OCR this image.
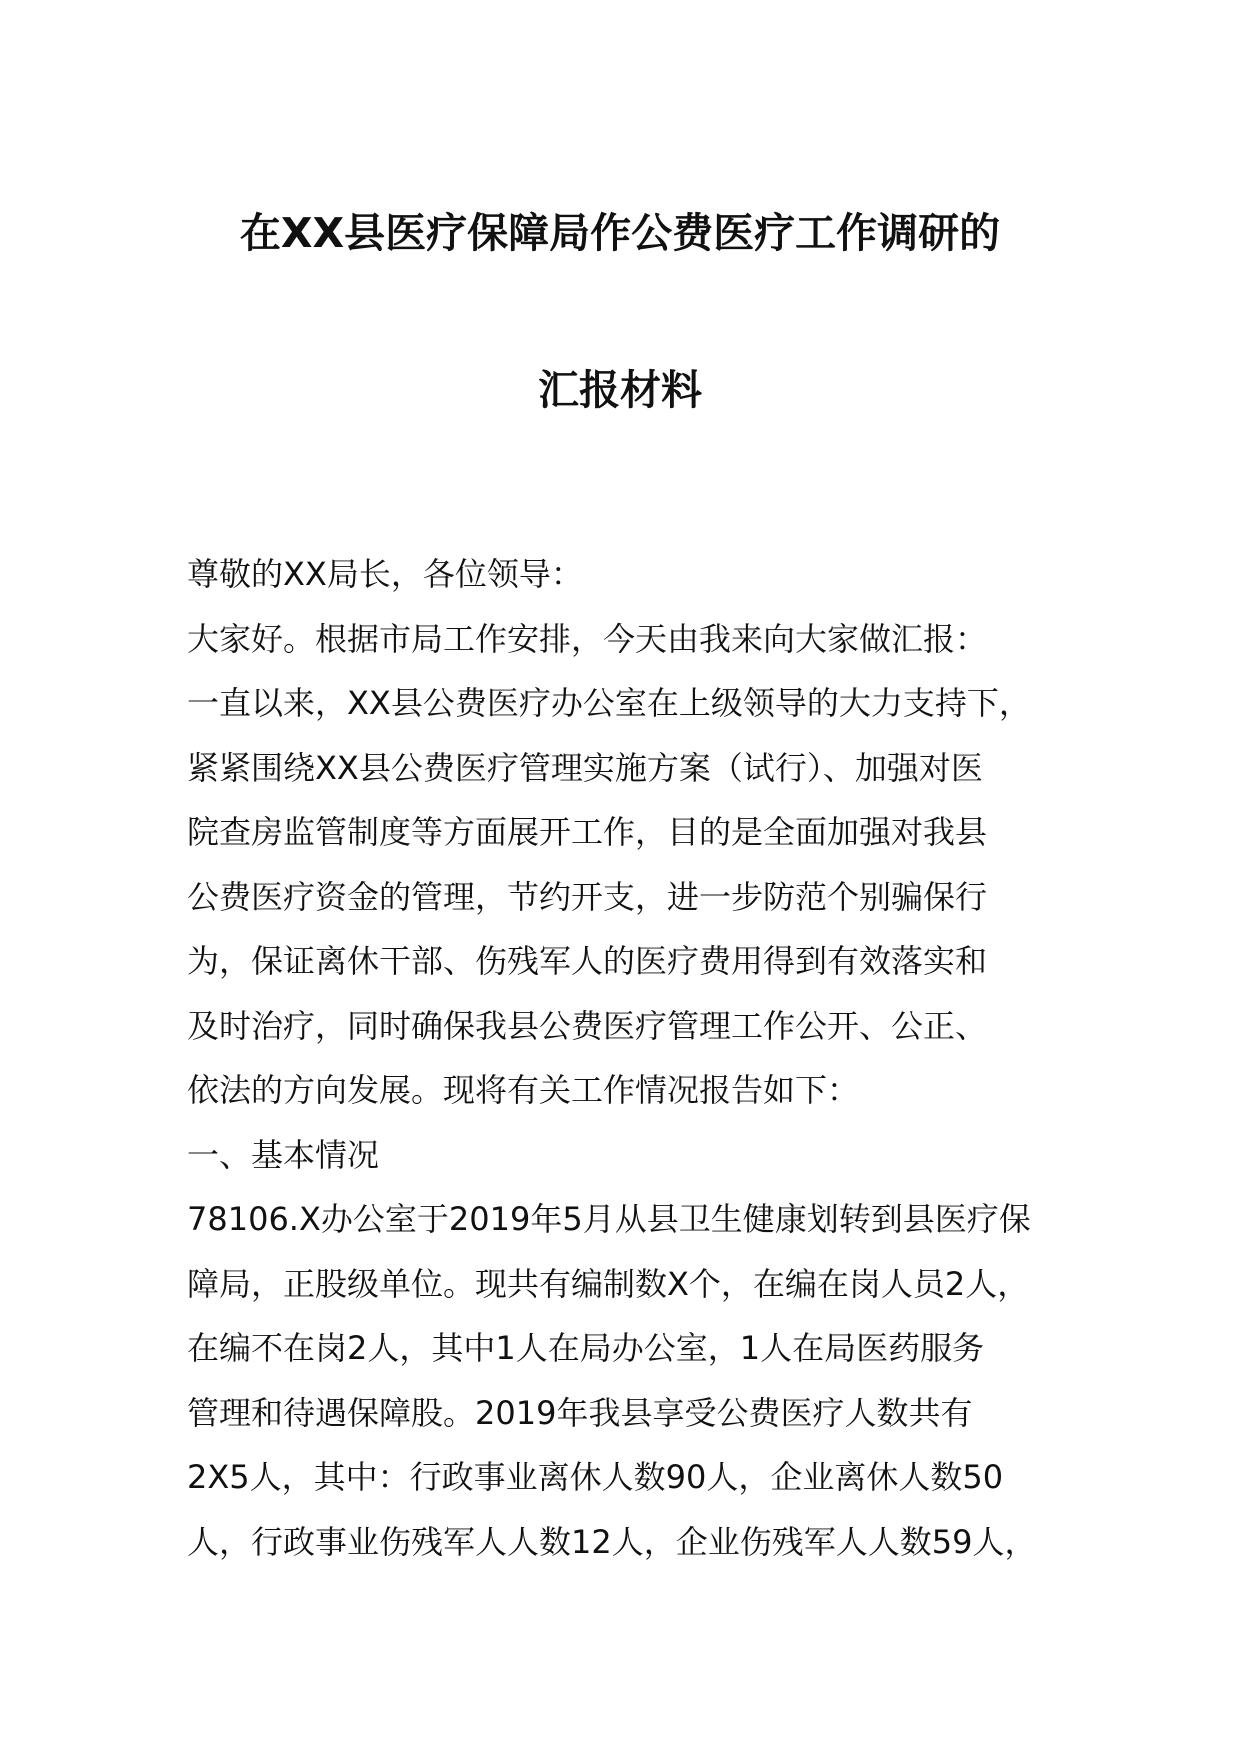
在XX县医疗保障局作公费医疗工作调研的
汇报材料
尊敬的XX局长，各位领导：
大家好。根据市局工作安排，今天由我来向大家做汇报：
一直以来，XX县公费医疗办公室在上级领导的大力支持下，
紧紧围绕XX县公费医疗管理实施方案（试行）、加强对医
院查房监管制度等方面展开工作，目的是全面加强对我县
公费医疗资金的管理，节约开支，进一步防范个别骗保行
为，保证离休干部、伤残军人的医疗费用得到有效落实和
及时治疗，同时确保我县公费医疗管理工作公开、公正、
依法的方向发展。现将有关工作情况报告如下：
一、基本情况
78106.X办公室于2019年5月从县卫生健康划转到县医疗保
障局，正股级单位。现共有编制数X个，在编在岗人员2人，
在编不在岗2人，其中1人在局办公室，1人在局医药服务
管理和待遇保障股。2019年我县享受公费医疗人数共有
2X5人，其中：行政事业离休人数90人，企业离休人数50
人，行政事业伤残军人人数12人，企业伤残军人人数59人，
